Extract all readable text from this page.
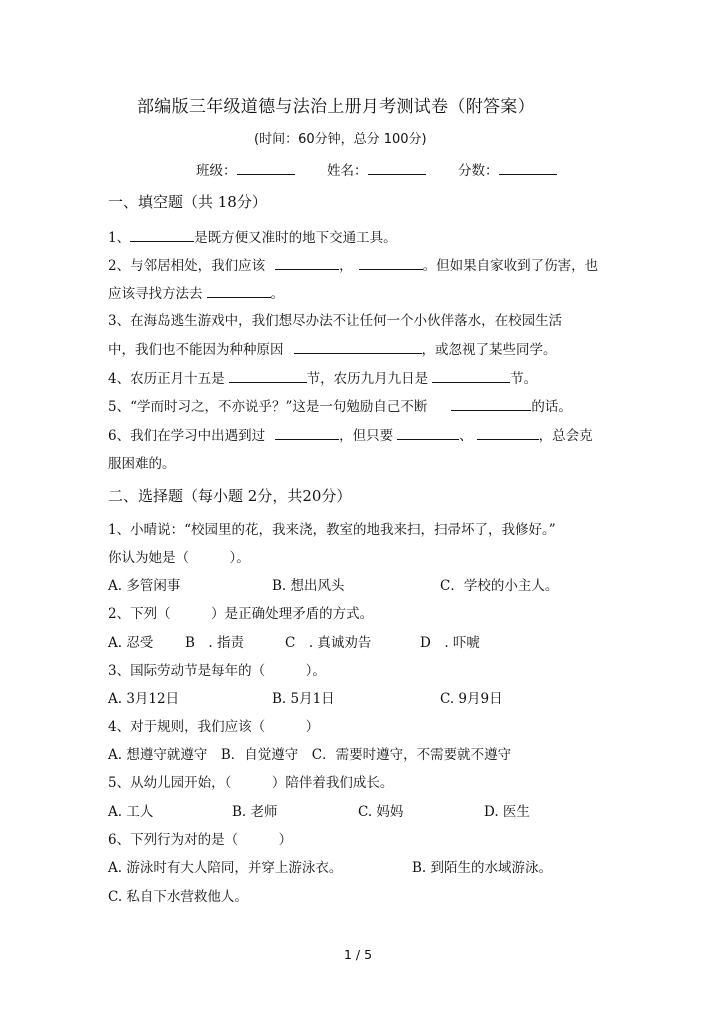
部编版三年级道德与法治上册月考测试卷（附答案）
(时间：60分钟，总分 100分)
班级：	姓名：	分数：
一、填空题（共 18分）
1、	是既方便又准时的地下交通工具。
2、与邻居相处，我们应该	，	。但如果自家收到了伤害，也
应该寻找方法去	。
3、在海岛逃生游戏中，我们想尽办法不让任何一个小伙伴落水，在校园生活
中，我们也不能因为种种原因	，或忽视了某些同学。
4、农历正月十五是	节，农历九月九日是	节。
5、“学而时习之，不亦说乎？”这是一句勉励自己不断	的话。
6、我们在学习中出遇到过	，但只要	、	，总会克
服困难的。
二、选择题（每小题 2分，共20分）
1、小晴说：“校园里的花，我来浇，教室的地我来扫，扫帚坏了，我修好。”
你认为她是（　　　）。
A. 多管闲事	B. 想出风头	C．学校的小主人。
2、下列（　　　）是正确处理矛盾的方式。
A. 忍受 B　. 指责	C　. 真诚劝告	D　. 吓唬
3、国际劳动节是每年的（　　　）。
A. 3月12日	B. 5月1日	C. 9月9日
4、对于规则，我们应该（　　　）
A. 想遵守就遵守　B．自觉遵守　C．需要时遵守，不需要就不遵守
5、从幼儿园开始，（　　　）陪伴着我们成长。
A. 工人	B. 老师	C. 妈妈	D. 医生
6、下列行为对的是（　　　）
A. 游泳时有大人陪同，并穿上游泳衣。	B. 到陌生的水域游泳。
C. 私自下水营救他人。
1 / 5
